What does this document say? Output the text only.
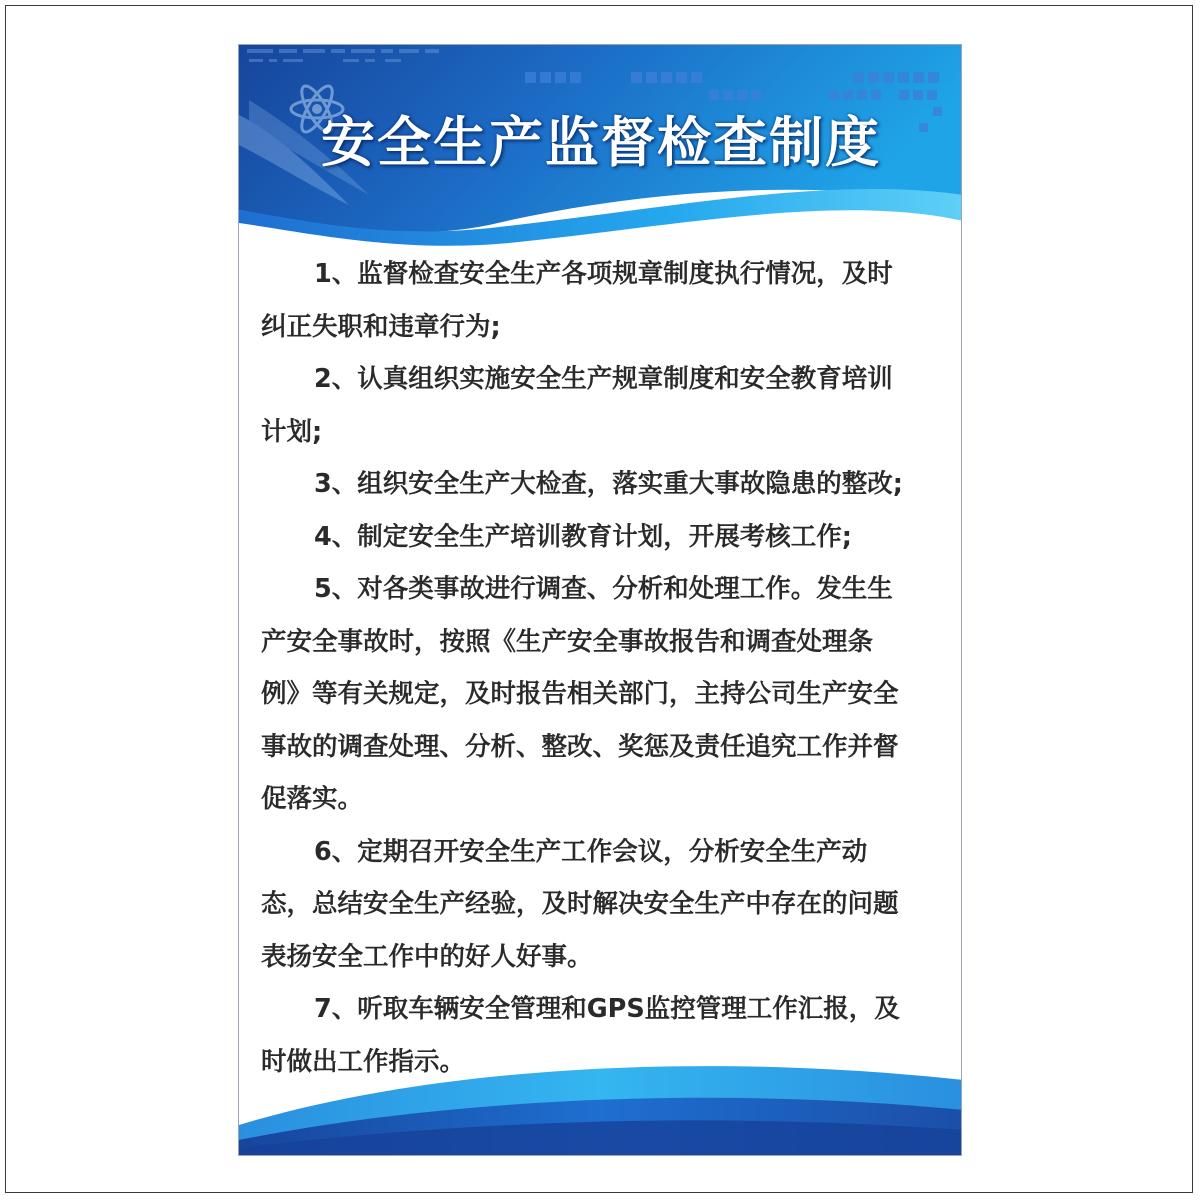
安全生产监督检查制度

1、监督检查安全生产各项规章制度执行情况，及时
纠正失职和违章行为;

2、认真组织实施安全生产规章制度和安全教育培训
计划;

3、组织安全生产大检查，落实重大事故隐患的整改;

4、制定安全生产培训教育计划，开展考核工作;

5、对各类事故进行调查、分析和处理工作。发生生
产安全事故时，按照《生产安全事故报告和调查处理条
例》等有关规定，及时报告相关部门，主持公司生产安全
事故的调查处理、分析、整改、奖惩及责任追究工作并督
促落实。

6、定期召开安全生产工作会议，分析安全生产动
态，总结安全生产经验，及时解决安全生产中存在的问题
表扬安全工作中的好人好事。

7、听取车辆安全管理和GPS监控管理工作汇报，及
时做出工作指示。
